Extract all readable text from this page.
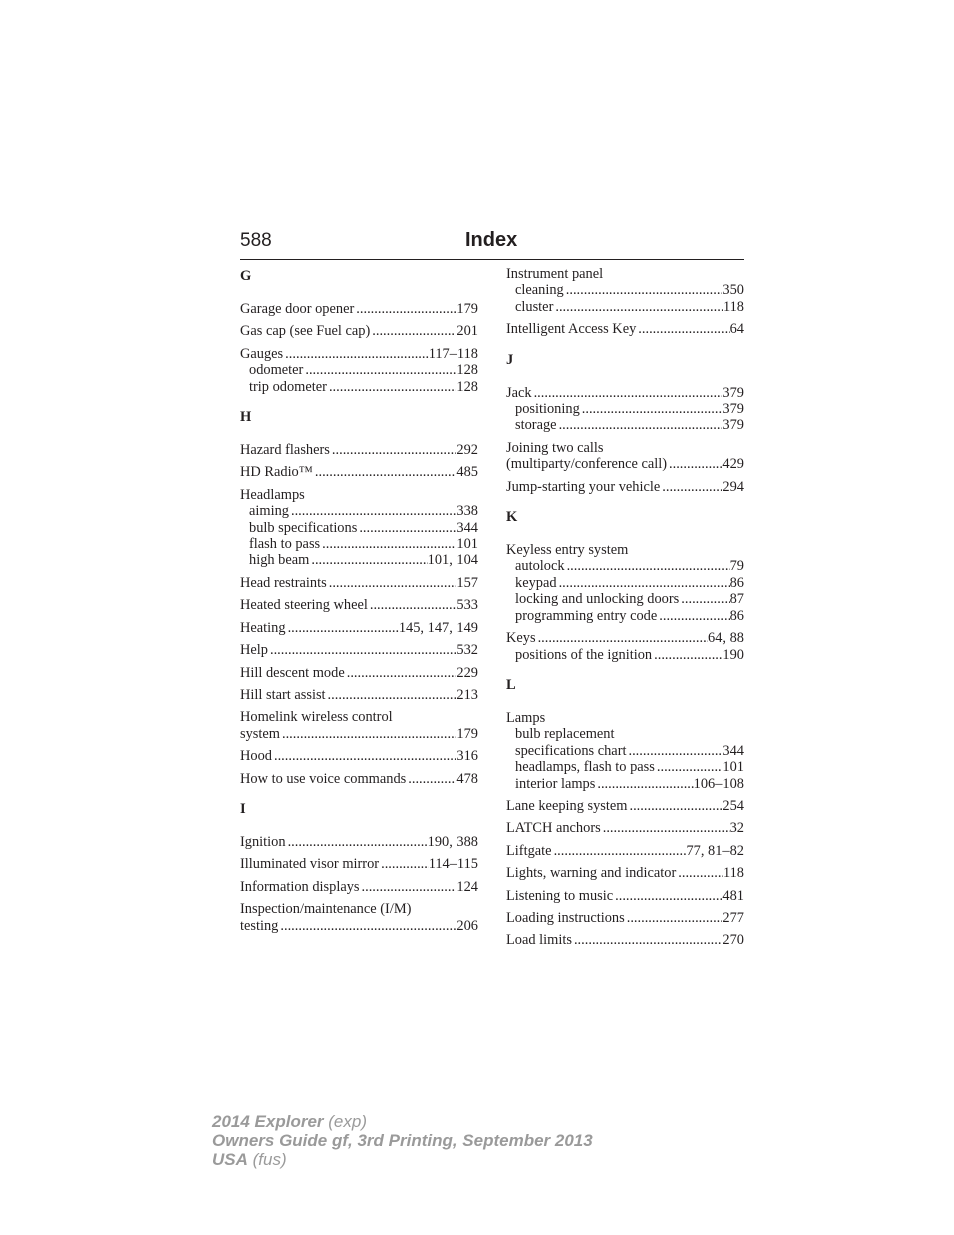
588	Index
G
Garage door opener .....	179
Gas cap (see Fuel cap) .....	201
Gauges .....	117–118
odometer .....	128
trip odometer .....	128
H
Hazard flashers .....	292
HD Radio™ .....	485
Headlamps
aiming .....	338
bulb specifications .....	344
flash to pass .....	101
high beam .....	101, 104
Head restraints .....	157
Heated steering wheel .....	533
Heating .....	145, 147, 149
Help .....	532
Hill descent mode .....	229
Hill start assist .....	213
Homelink wireless control
system .....	179
Hood .....	316
How to use voice commands .....	478
I
Ignition .....	190, 388
Illuminated visor mirror .....	114–115
Information displays .....	124
Inspection/maintenance (I/M)
testing .....	206
Instrument panel
cleaning .....	350
cluster .....	118
Intelligent Access Key .....	64
J
Jack .....	379
positioning .....	379
storage .....	379
Joining two calls
(multiparty/conference call) .....	429
Jump-starting your vehicle .....	294
K
Keyless entry system
autolock .....	79
keypad .....	86
locking and unlocking doors .....	87
programming entry code .....	86
Keys .....	64, 88
positions of the ignition .....	190
L
Lamps
bulb replacement
specifications chart .....	344
headlamps, flash to pass .....	101
interior lamps .....	106–108
Lane keeping system .....	254
LATCH anchors .....	32
Liftgate .....	77, 81–82
Lights, warning and indicator .....	118
Listening to music .....	481
Loading instructions .....	277
Load limits .....	270
2014 Explorer (exp)
Owners Guide gf, 3rd Printing, September 2013
USA (fus)
